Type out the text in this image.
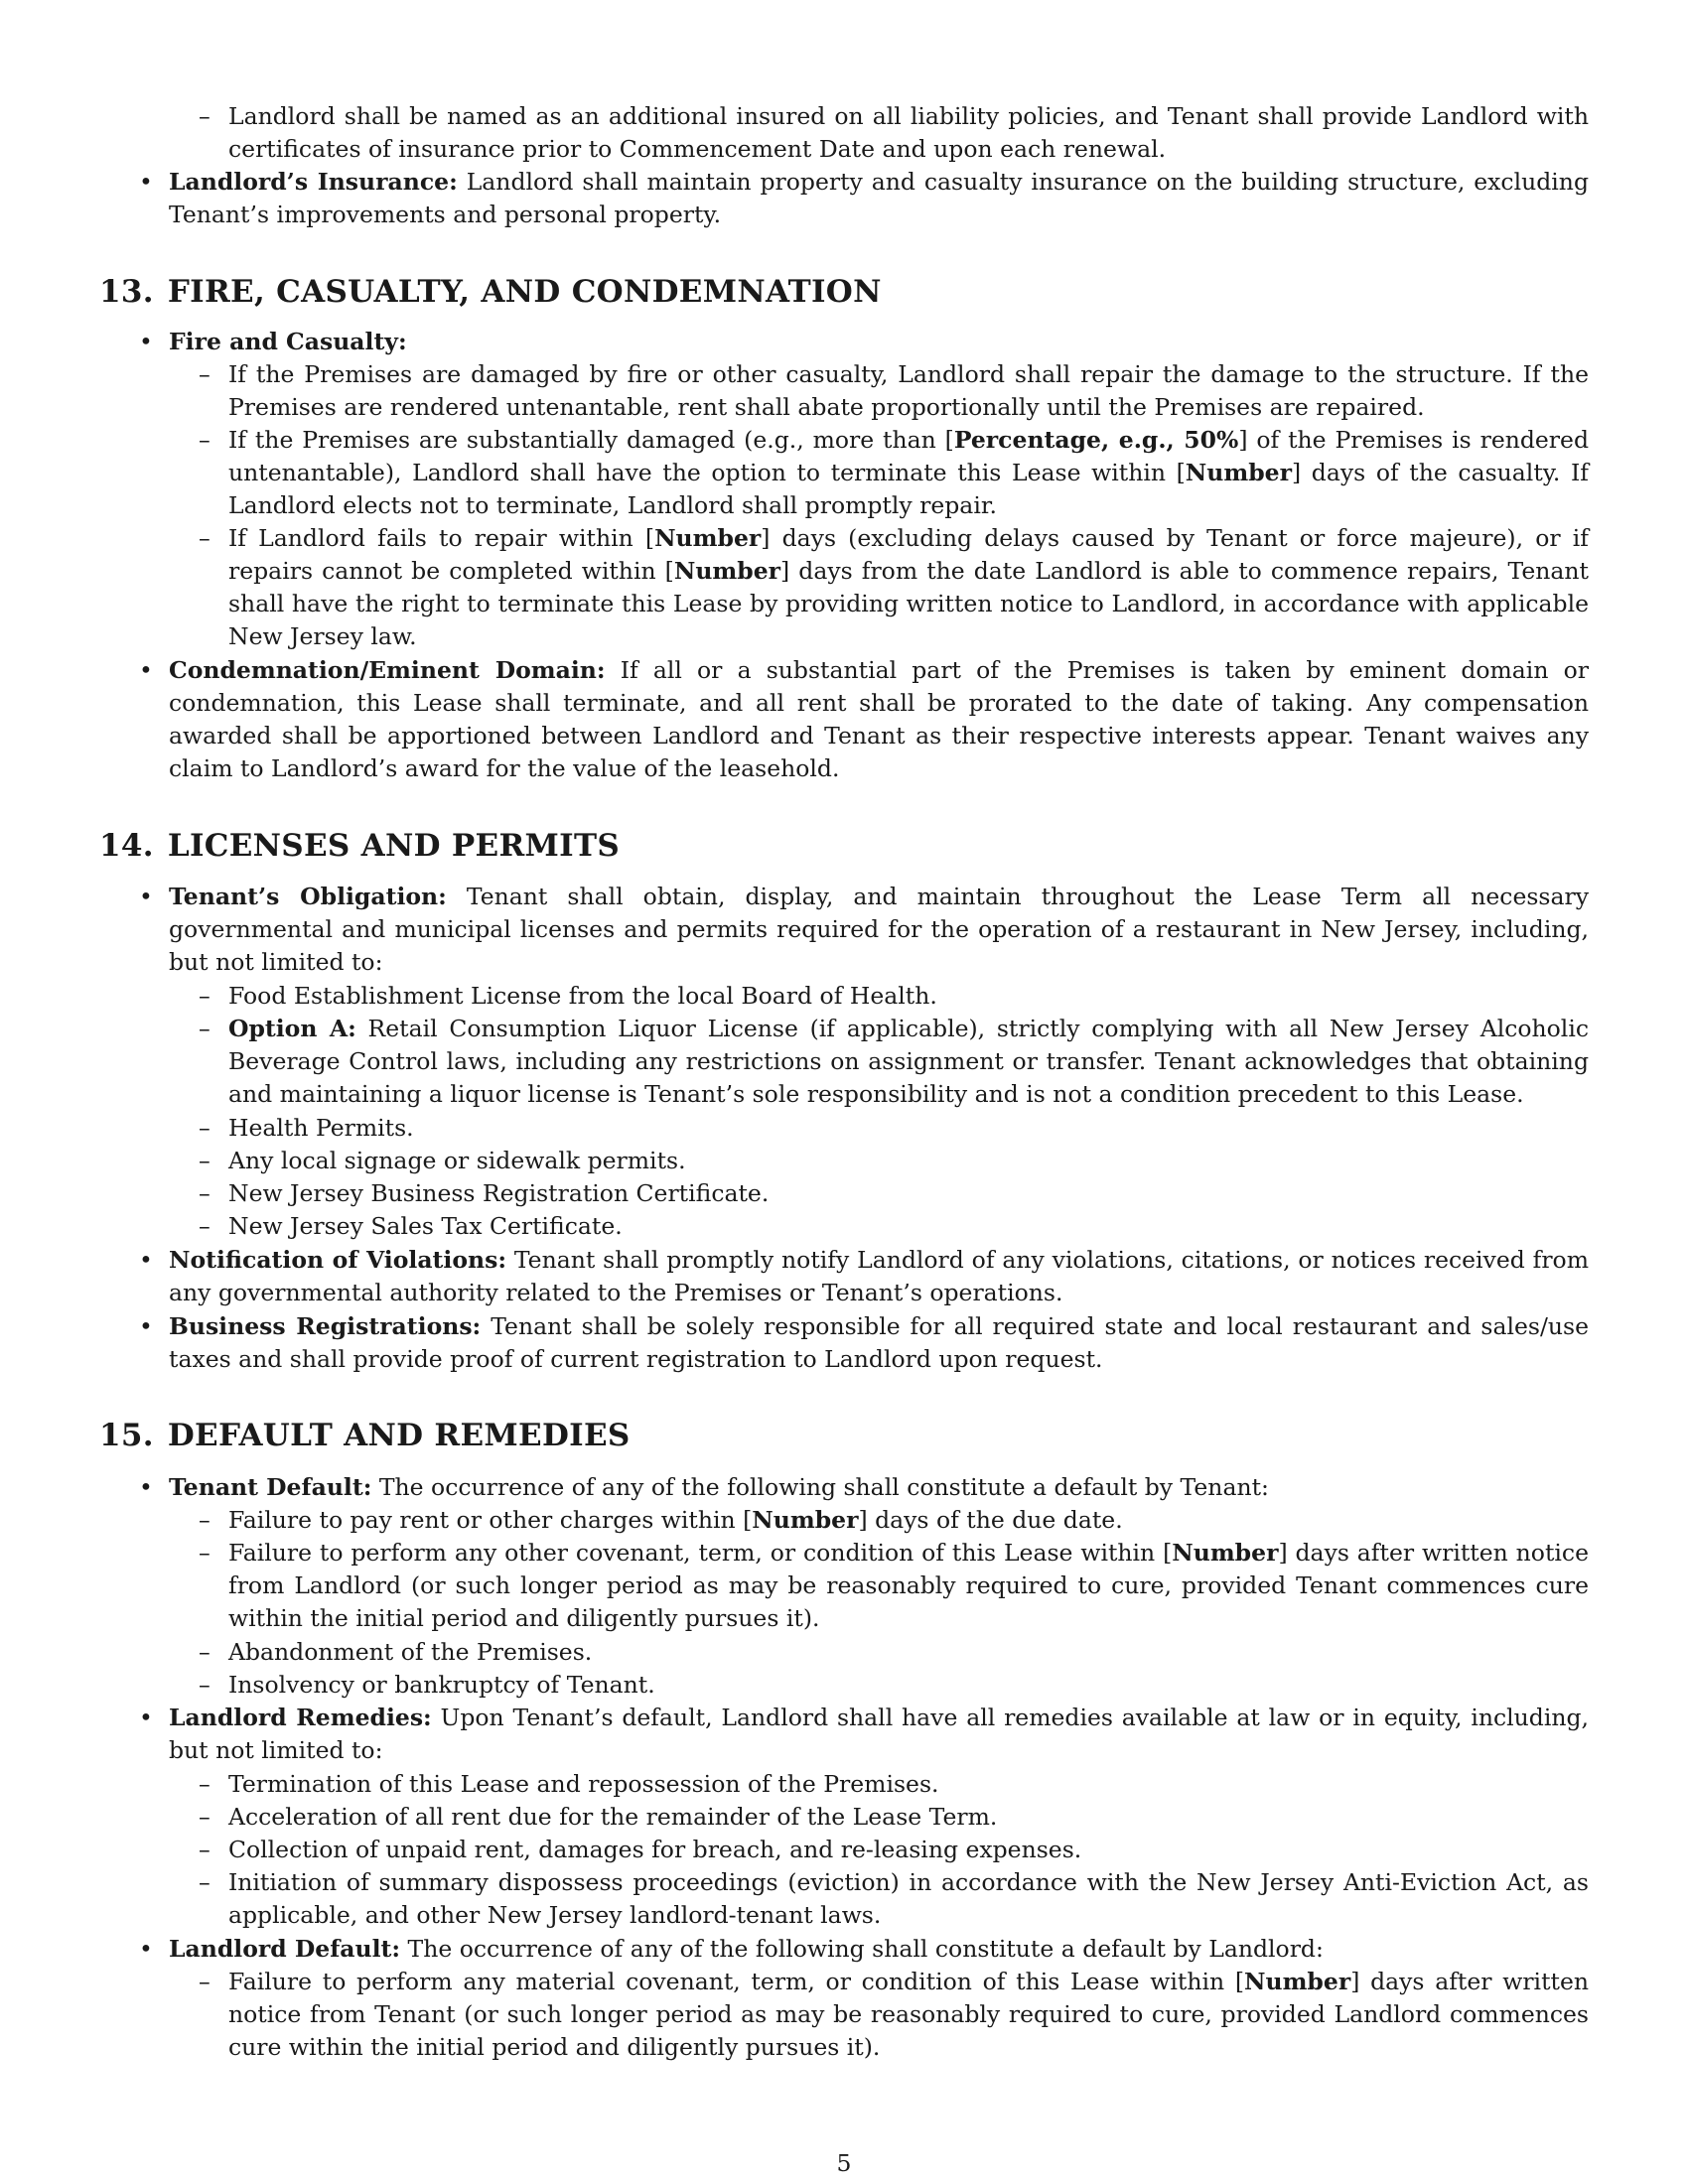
– Landlord shall be named as an additional insured on all liability policies, and Tenant shall provide Landlord with certificates of insurance prior to Commencement Date and upon each renewal.
• Landlord’s Insurance: Landlord shall maintain property and casualty insurance on the building structure, excluding Tenant’s improvements and personal property.
13. FIRE, CASUALTY, AND CONDEMNATION
• Fire and Casualty:
– If the Premises are damaged by fire or other casualty, Landlord shall repair the damage to the structure. If the Premises are rendered untenantable, rent shall abate proportionally until the Premises are repaired.
– If the Premises are substantially damaged (e.g., more than [Percentage, e.g., 50%] of the Premises is rendered untenantable), Landlord shall have the option to terminate this Lease within [Number] days of the casualty. If Landlord elects not to terminate, Landlord shall promptly repair.
– If Landlord fails to repair within [Number] days (excluding delays caused by Tenant or force majeure), or if repairs cannot be completed within [Number] days from the date Landlord is able to commence repairs, Tenant shall have the right to terminate this Lease by providing written notice to Landlord, in accordance with applicable New Jersey law.
• Condemnation/Eminent Domain: If all or a substantial part of the Premises is taken by eminent domain or condemnation, this Lease shall terminate, and all rent shall be prorated to the date of taking. Any compensation awarded shall be apportioned between Landlord and Tenant as their respective interests appear. Tenant waives any claim to Landlord’s award for the value of the leasehold.
14. LICENSES AND PERMITS
• Tenant’s Obligation: Tenant shall obtain, display, and maintain throughout the Lease Term all necessary governmental and municipal licenses and permits required for the operation of a restaurant in New Jersey, including, but not limited to:
– Food Establishment License from the local Board of Health.
– Option A: Retail Consumption Liquor License (if applicable), strictly complying with all New Jersey Alcoholic Beverage Control laws, including any restrictions on assignment or transfer. Tenant acknowledges that obtaining and maintaining a liquor license is Tenant’s sole responsibility and is not a condition precedent to this Lease.
– Health Permits.
– Any local signage or sidewalk permits.
– New Jersey Business Registration Certificate.
– New Jersey Sales Tax Certificate.
• Notification of Violations: Tenant shall promptly notify Landlord of any violations, citations, or notices received from any governmental authority related to the Premises or Tenant’s operations.
• Business Registrations: Tenant shall be solely responsible for all required state and local restaurant and sales/use taxes and shall provide proof of current registration to Landlord upon request.
15. DEFAULT AND REMEDIES
• Tenant Default: The occurrence of any of the following shall constitute a default by Tenant:
– Failure to pay rent or other charges within [Number] days of the due date.
– Failure to perform any other covenant, term, or condition of this Lease within [Number] days after written notice from Landlord (or such longer period as may be reasonably required to cure, provided Tenant commences cure within the initial period and diligently pursues it).
– Abandonment of the Premises.
– Insolvency or bankruptcy of Tenant.
• Landlord Remedies: Upon Tenant’s default, Landlord shall have all remedies available at law or in equity, including, but not limited to:
– Termination of this Lease and repossession of the Premises.
– Acceleration of all rent due for the remainder of the Lease Term.
– Collection of unpaid rent, damages for breach, and re-leasing expenses.
– Initiation of summary dispossess proceedings (eviction) in accordance with the New Jersey Anti-Eviction Act, as applicable, and other New Jersey landlord-tenant laws.
• Landlord Default: The occurrence of any of the following shall constitute a default by Landlord:
– Failure to perform any material covenant, term, or condition of this Lease within [Number] days after written notice from Tenant (or such longer period as may be reasonably required to cure, provided Landlord commences cure within the initial period and diligently pursues it).
5
